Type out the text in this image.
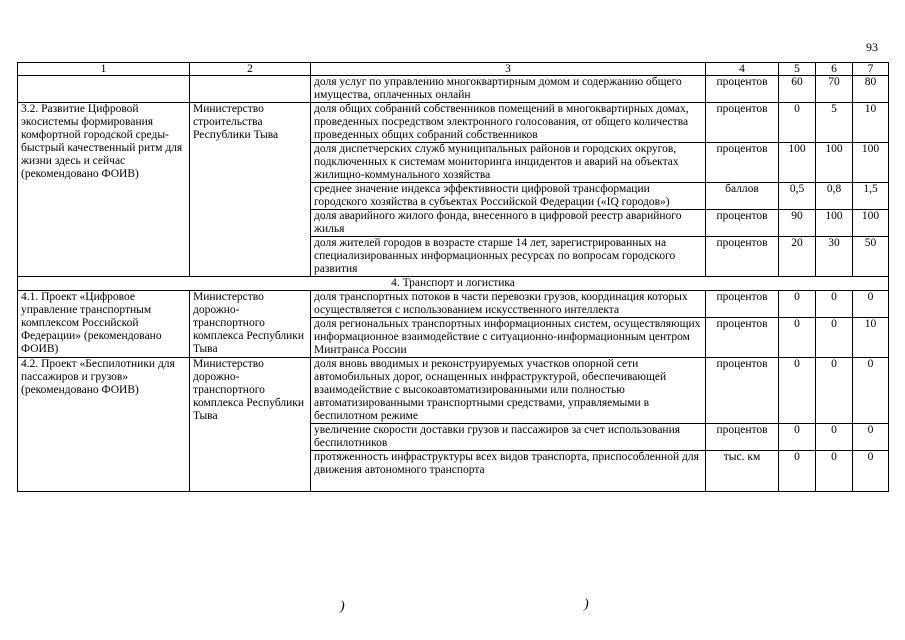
93
1	2	3	4	5	6	7
		доля услуг по управлению многоквартирным домом и содержанию общего имущества, оплаченных онлайн	процентов	60	70	80
3.2. Развитие Цифровой экосистемы формирования комфортной городской среды-быстрый качественный ритм для жизни здесь и сейчас (рекомендовано ФОИВ)	Министерство строительства Республики Тыва	доля общих собраний собственников помещений в многоквартирных домах, проведенных посредством электронного голосования, от общего количества проведенных общих собраний собственников	процентов	0	5	10
		доля диспетчерских служб муниципальных районов и городских округов, подключенных к системам мониторинга инцидентов и аварий на объектах жилищно-коммунального хозяйства	процентов	100	100	100
		среднее значение индекса эффективности цифровой трансформации городского хозяйства в субъектах Российской Федерации («IQ городов»)	баллов	0,5	0,8	1,5
		доля аварийного жилого фонда, внесенного в цифровой реестр аварийного жилья	процентов	90	100	100
		доля жителей городов в возрасте старше 14 лет, зарегистрированных на специализированных информационных ресурсах по вопросам городского развития	процентов	20	30	50
4. Транспорт и логистика						
4.1. Проект «Цифровое управление транспортным комплексом Российской Федерации» (рекомендовано ФОИВ)	Министерство дорожно-транспортного комплекса Республики Тыва	доля транспортных потоков в части перевозки грузов, координация которых осуществляется с использованием искусственного интеллекта	процентов	0	0	0
		доля региональных транспортных информационных систем, осуществляющих информационное взаимодействие с ситуационно-информационным центром Минтранса России	процентов	0	0	10
4.2. Проект «Беспилотники для пассажиров и грузов» (рекомендовано ФОИВ)	Министерство дорожно-транспортного комплекса Республики Тыва	доля вновь вводимых и реконструируемых участков опорной сети автомобильных дорог, оснащенных инфраструктурой, обеспечивающей взаимодействие с высокоавтоматизированными или полностью автоматизированными транспортными средствами, управляемыми в беспилотном режиме	процентов	0	0	0
		увеличение скорости доставки грузов и пассажиров за счет использования беспилотников	процентов	0	0	0
		протяженность инфраструктуры всех видов транспорта, приспособленной для движения автономного транспорта	тыс. км	0	0	0
)	)
